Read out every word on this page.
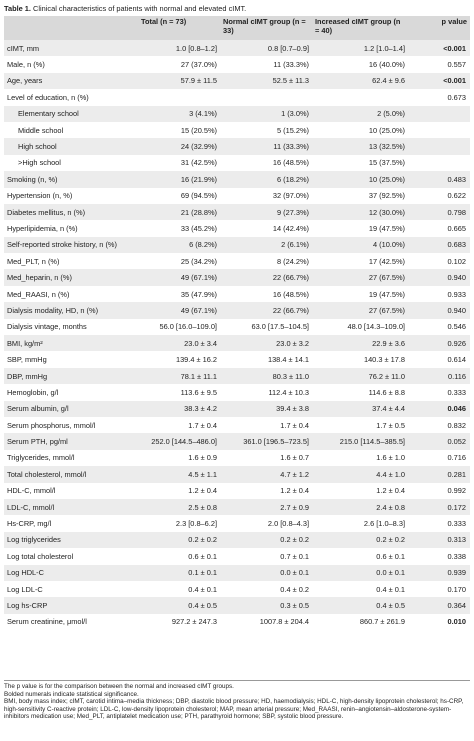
Table 1. Clinical characteristics of patients with normal and elevated cIMT.
	Total (n = 73)	Normal cIMT group (n = 33)	Increased cIMT group (n = 40)	p value
cIMT, mm	1.0 [0.8–1.2]	0.8 [0.7–0.9]	1.2 [1.0–1.4]	<0.001
Male, n (%)	27 (37.0%)	11 (33.3%)	16 (40.0%)	0.557
Age, years	57.9 ± 11.5	52.5 ± 11.3	62.4 ± 9.6	<0.001
Level of education, n (%)				0.673
Elementary school	3 (4.1%)	1 (3.0%)	2 (5.0%)	
Middle school	15 (20.5%)	5 (15.2%)	10 (25.0%)	
High school	24 (32.9%)	11 (33.3%)	13 (32.5%)	
>High school	31 (42.5%)	16 (48.5%)	15 (37.5%)	
Smoking (n, %)	16 (21.9%)	6 (18.2%)	10 (25.0%)	0.483
Hypertension (n, %)	69 (94.5%)	32 (97.0%)	37 (92.5%)	0.622
Diabetes mellitus, n (%)	21 (28.8%)	9 (27.3%)	12 (30.0%)	0.798
Hyperlipidemia, n (%)	33 (45.2%)	14 (42.4%)	19 (47.5%)	0.665
Self-reported stroke history, n (%)	6 (8.2%)	2 (6.1%)	4 (10.0%)	0.683
Med_PLT, n (%)	25 (34.2%)	8 (24.2%)	17 (42.5%)	0.102
Med_heparin, n (%)	49 (67.1%)	22 (66.7%)	27 (67.5%)	0.940
Med_RAASI, n (%)	35 (47.9%)	16 (48.5%)	19 (47.5%)	0.933
Dialysis modality, HD, n (%)	49 (67.1%)	22 (66.7%)	27 (67.5%)	0.940
Dialysis vintage, months	56.0 [16.0–109.0]	63.0 [17.5–104.5]	48.0 [14.3–109.0]	0.546
BMI, kg/m²	23.0 ± 3.4	23.0 ± 3.2	22.9 ± 3.6	0.926
SBP, mmHg	139.4 ± 16.2	138.4 ± 14.1	140.3 ± 17.8	0.614
DBP, mmHg	78.1 ± 11.1	80.3 ± 11.0	76.2 ± 11.0	0.116
Hemoglobin, g/l	113.6 ± 9.5	112.4 ± 10.3	114.6 ± 8.8	0.333
Serum albumin, g/l	38.3 ± 4.2	39.4 ± 3.8	37.4 ± 4.4	0.046
Serum phosphorus, mmol/l	1.7 ± 0.4	1.7 ± 0.4	1.7 ± 0.5	0.832
Serum PTH, pg/ml	252.0 [144.5–486.0]	361.0 [196.5–723.5]	215.0 [114.5–385.5]	0.052
Triglycerides, mmol/l	1.6 ± 0.9	1.6 ± 0.7	1.6 ± 1.0	0.716
Total cholesterol, mmol/l	4.5 ± 1.1	4.7 ± 1.2	4.4 ± 1.0	0.281
HDL-C, mmol/l	1.2 ± 0.4	1.2 ± 0.4	1.2 ± 0.4	0.992
LDL-C, mmol/l	2.5 ± 0.8	2.7 ± 0.9	2.4 ± 0.8	0.172
Hs-CRP, mg/l	2.3 [0.8–6.2]	2.0 [0.8–4.3]	2.6 [1.0–8.3]	0.333
Log triglycerides	0.2 ± 0.2	0.2 ± 0.2	0.2 ± 0.2	0.313
Log total cholesterol	0.6 ± 0.1	0.7 ± 0.1	0.6 ± 0.1	0.338
Log HDL-C	0.1 ± 0.1	0.0 ± 0.1	0.0 ± 0.1	0.939
Log LDL-C	0.4 ± 0.1	0.4 ± 0.2	0.4 ± 0.1	0.170
Log hs-CRP	0.4 ± 0.5	0.3 ± 0.5	0.4 ± 0.5	0.364
Serum creatinine, μmol/l	927.2 ± 247.3	1007.8 ± 204.4	860.7 ± 261.9	0.010
The p value is for the comparison between the normal and increased cIMT groups.
Bolded numerals indicate statistical significance.
BMI, body mass index; cIMT, carotid intima–media thickness; DBP, diastolic blood pressure; HD, haemodialysis; HDL-C, high-density lipoprotein cholesterol; hs-CRP, high-sensitivity C-reactive protein; LDL-C, low-density lipoprotein cholesterol; MAP, mean arterial pressure; Med_RAASI, renin–angiotensin–aldosterone-system-inhibitors medication use; Med_PLT, antiplatelet medication use; PTH, parathyroid hormone; SBP, systolic blood pressure.
